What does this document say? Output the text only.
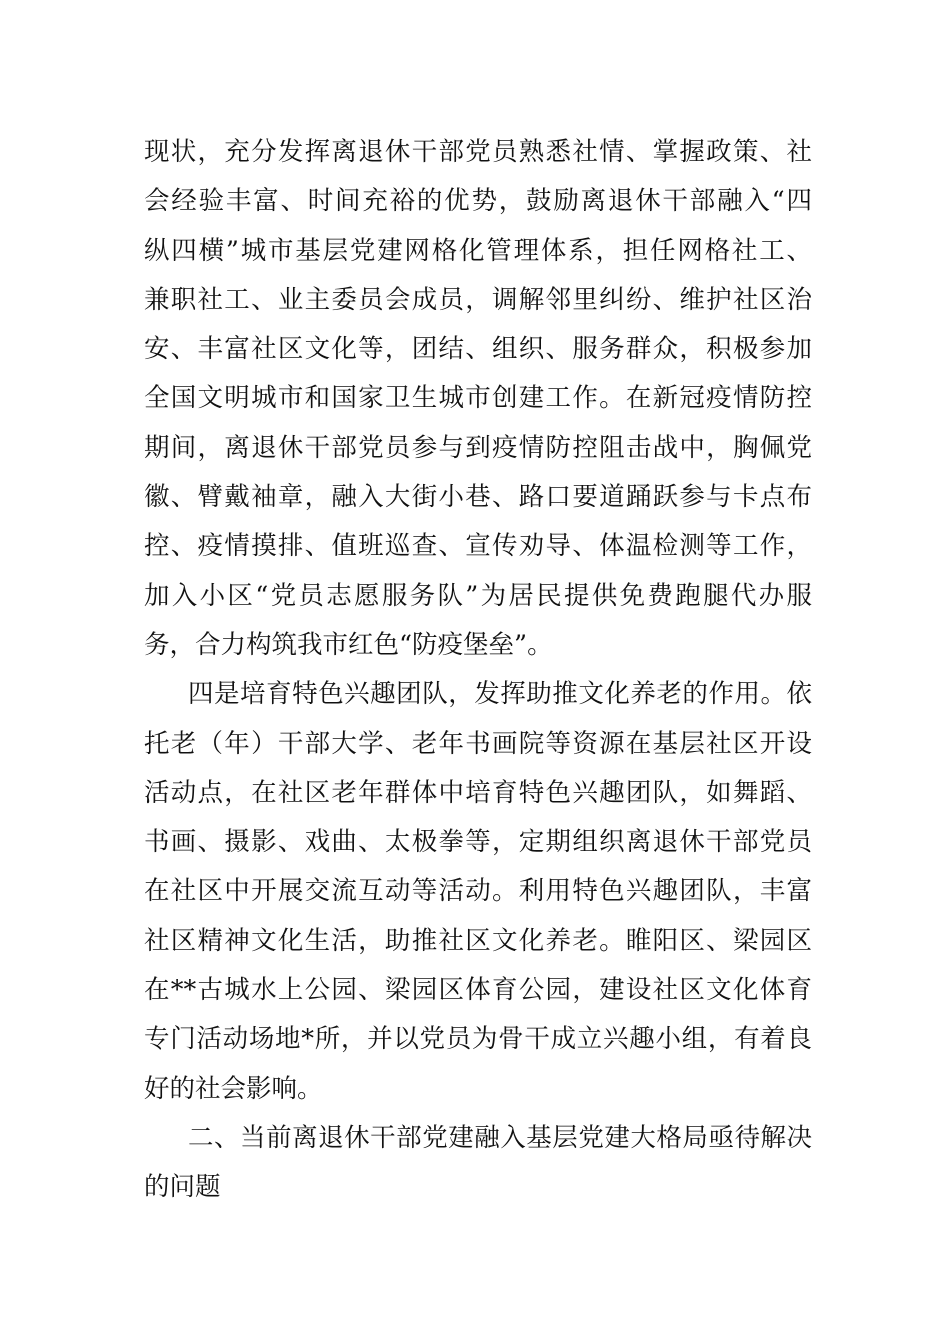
现状，充分发挥离退休干部党员熟悉社情、掌握政策、社
会经验丰富、时间充裕的优势，鼓励离退休干部融入“四
纵四横”城市基层党建网格化管理体系，担任网格社工、
兼职社工、业主委员会成员，调解邻里纠纷、维护社区治
安、丰富社区文化等，团结、组织、服务群众，积极参加
全国文明城市和国家卫生城市创建工作。在新冠疫情防控
期间，离退休干部党员参与到疫情防控阻击战中，胸佩党
徽、臂戴袖章，融入大街小巷、路口要道踊跃参与卡点布
控、疫情摸排、值班巡查、宣传劝导、体温检测等工作，
加入小区“党员志愿服务队”为居民提供免费跑腿代办服
务，合力构筑我市红色“防疫堡垒”。
四是培育特色兴趣团队，发挥助推文化养老的作用。依
托老（年）干部大学、老年书画院等资源在基层社区开设
活动点，在社区老年群体中培育特色兴趣团队，如舞蹈、
书画、摄影、戏曲、太极拳等，定期组织离退休干部党员
在社区中开展交流互动等活动。利用特色兴趣团队，丰富
社区精神文化生活，助推社区文化养老。睢阳区、梁园区
在**古城水上公园、梁园区体育公园，建设社区文化体育
专门活动场地*所，并以党员为骨干成立兴趣小组，有着良
好的社会影响。
二、当前离退休干部党建融入基层党建大格局亟待解决
的问题
